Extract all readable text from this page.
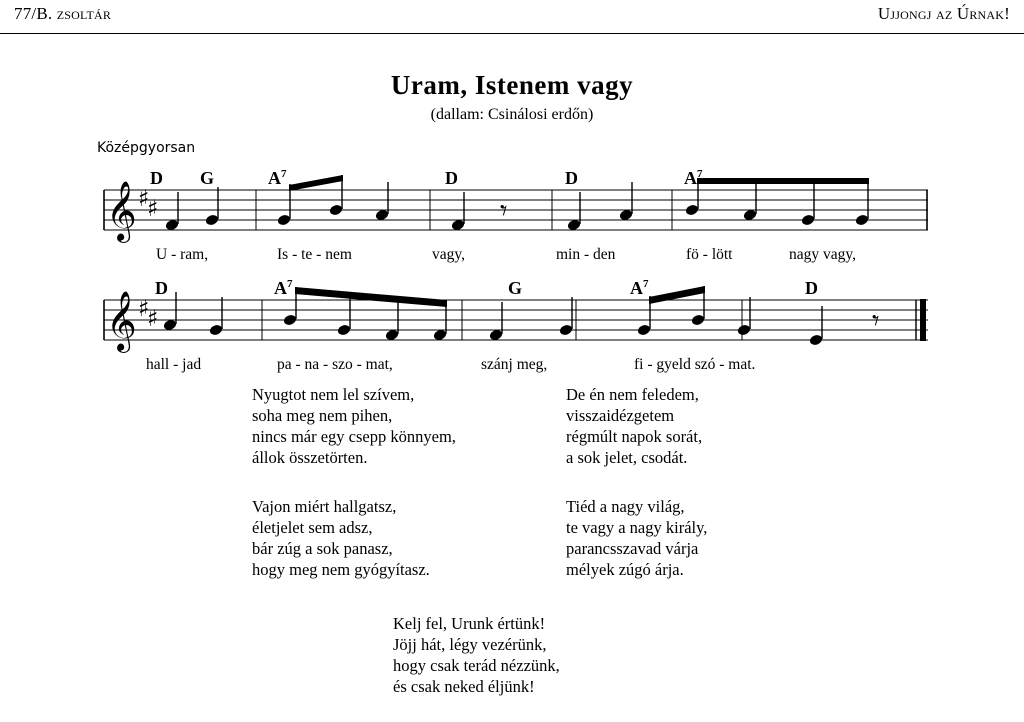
77/B. zsoltár	Ujjongj az Úrnak!
Uram, Istenem vagy
(dallam: Csinálosi erdőn)
Középgyorsan
𝄞 ♯
♯	𝄾
D G	$A^7$	D	D	$A^7$
U - ram,	Is - te - nem	vagy,	min - den	fö - lött	nagy vagy,
𝄞 ♯
♯	𝄾
D	$A^7$	G	$A^7$	D
hall - jad	pa - na - szo - mat,	szánj meg,	fi - gyeld szó - mat.
Nyugtot nem lel szívem,
soha meg nem pihen,
nincs már egy csepp könnyem,
állok összetörten.
De én nem feledem,
visszaidézgetem
régmúlt napok sorát,
a sok jelet, csodát.
Vajon miért hallgatsz,
életjelet sem adsz,
bár zúg a sok panasz,
hogy meg nem gyógyítasz.
Tiéd a nagy világ,
te vagy a nagy király,
parancsszavad várja
mélyek zúgó árja.
Kelj fel, Urunk értünk!
Jöjj hát, légy vezérünk,
hogy csak terád nézzünk,
és csak neked éljünk!
